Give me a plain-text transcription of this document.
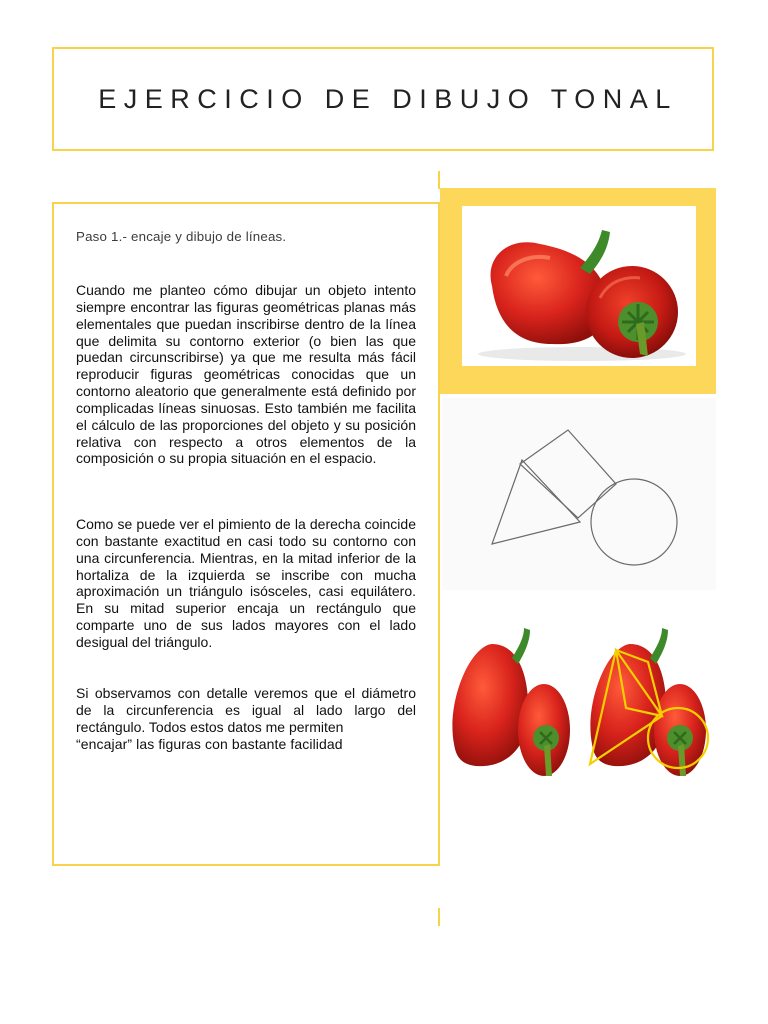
EJERCICIO DE DIBUJO TONAL
Paso 1.- encaje y dibujo de líneas.

Cuando me planteo cómo dibujar un objeto intento siempre encontrar las figuras geométricas planas más elementales que puedan inscribirse dentro de la línea que delimita su contorno exterior (o bien las que puedan circunscribirse) ya que me resulta más fácil reproducir figuras geométricas conocidas que un contorno aleatorio que generalmente está definido por complicadas líneas sinuosas. Esto también me facilita el cálculo de las proporciones del objeto y su posición relativa con respecto a otros elementos de la composición o su propia situación en el espacio.

Como se puede ver el pimiento de la derecha coincide con bastante exactitud en casi todo su contorno con una circunferencia. Mientras, en la mitad inferior de la hortaliza de la izquierda se inscribe con mucha aproximación un triángulo isósceles, casi equilátero. En su mitad superior encaja un rectángulo que comparte uno de sus lados mayores con el lado desigual del triángulo.

Si observamos con detalle veremos que el diámetro de la circunferencia es igual al lado largo del rectángulo. Todos estos datos me permiten
“encajar” las figuras con bastante facilidad
